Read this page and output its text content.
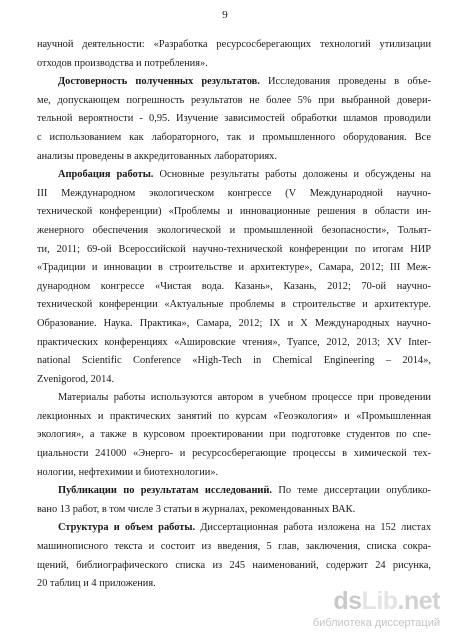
9

научной деятельности: «Разработка ресурсосберегающих технологий утилизации
отходов производства и потребления».

Достоверность полученных результатов. Исследования проведены в объе-
ме, допускающем погрешность результатов не более 5% при выбранной довери-
тельной вероятности - 0,95. Изучение зависимостей обработки шламов проводили
с использованием как лабораторного, так и промышленного оборудования. Все
анализы проведены в аккредитованных лабораториях.

Апробация работы. Основные результаты работы доложены и обсуждены на
III Международном экологическом конгрессе (V Международной научно-
технической конференции) «Проблемы и инновационные решения в области ин-
женерного обеспечения экологической и промышленной безопасности», Тольят-
ти, 2011; 69-ой Всероссийской научно-технической конференции по итогам НИР
«Традиции и инновации в строительстве и архитектуре», Самара, 2012; III Меж-
дународном конгрессе «Чистая вода. Казань», Казань, 2012; 70-ой научно-
технической конференции «Актуальные проблемы в строительстве и архитектуре.
Образование. Наука. Практика», Самара, 2012; IX и X Международных научно-
практических конференциях «Ашировские чтения», Туапсе, 2012, 2013; XV Inter-
national Scientific Conference «High-Tech in Chemical Engineering – 2014»,
Zvenigorod, 2014.

Материалы работы используются автором в учебном процессе при проведении
лекционных и практических занятий по курсам «Геоэкология» и «Промышленная
экология», а также в курсовом проектировании при подготовке студентов по спе-
циальности 241000 «Энерго- и ресурсосберегающие процессы в химической тех-
нологии, нефтехимии и биотехнологии».

Публикации по результатам исследований. По теме диссертации опублико-
вано 13 работ, в том числе 3 статьи в журналах, рекомендованных ВАК.

Структура и объем работы. Диссертационная работа изложена на 152 листах
машинописного текста и состоит из введения, 5 глав, заключения, списка сокра-
щений, библиографического списка из 245 наименований, содержит 24 рисунка,
20 таблиц и 4 приложения.

dsLib.net
библиотека диссертаций
